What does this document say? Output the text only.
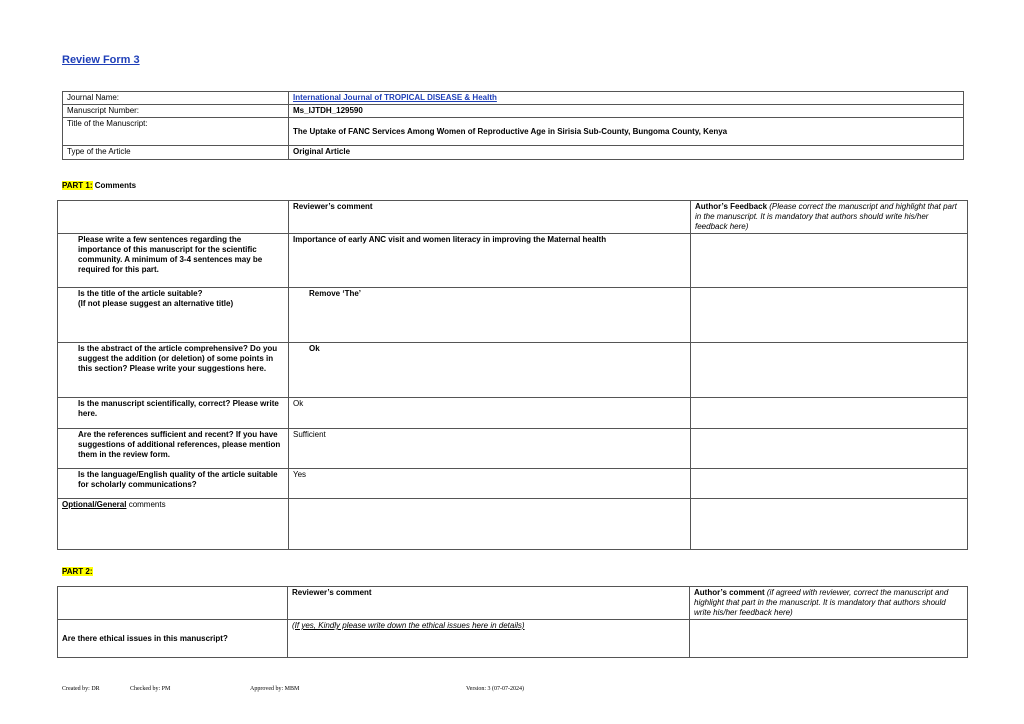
Review Form 3
Journal Name:	International Journal of TROPICAL DISEASE & Health
Manuscript Number:	Ms_IJTDH_129590
Title of the Manuscript:	The Uptake of FANC Services Among Women of Reproductive Age in Sirisia Sub-County, Bungoma County, Kenya
Type of the Article	Original Article
PART 1: Comments
	Reviewer’s comment	Author’s Feedback (Please correct the manuscript and highlight that part in the manuscript. It is mandatory that authors should write his/her feedback here)
Please write a few sentences regarding the importance of this manuscript for the scientific community. A minimum of 3-4 sentences may be required for this part.	Importance of early ANC visit and women literacy in improving the Maternal health	
Is the title of the article suitable?
(If not please suggest an alternative title)	Remove ‘The’	
Is the abstract of the article comprehensive? Do you suggest the addition (or deletion) of some points in this section? Please write your suggestions here.	Ok	
Is the manuscript scientifically, correct? Please write here.	Ok	
Are the references sufficient and recent? If you have suggestions of additional references, please mention them in the review form.	Sufficient	
Is the language/English quality of the article suitable for scholarly communications?	Yes	
Optional/General comments		
PART 2:
	Reviewer’s comment	Author’s comment (if agreed with reviewer, correct the manuscript and highlight that part in the manuscript. It is mandatory that authors should write his/her feedback here)
Are there ethical issues in this manuscript?	(If yes, Kindly please write down the ethical issues here in details)	
Created by: DR	Checked by: PM	Approved by: MBM	Version: 3 (07-07-2024)
